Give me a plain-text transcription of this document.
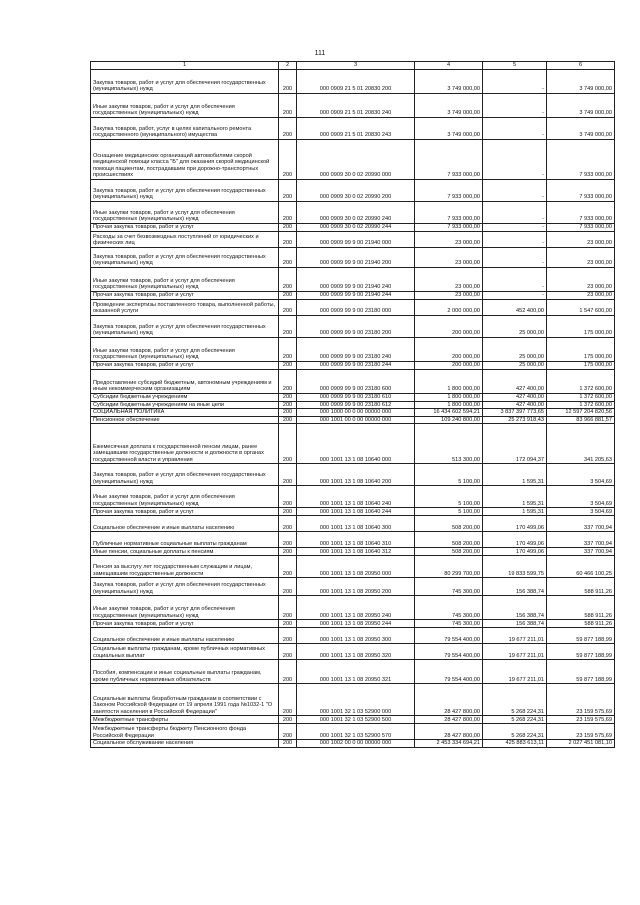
111
1	2	3	4	5	6
Закупка товаров, работ и услуг для обеспечения государственных (муниципальных) нужд	200	000 0909 21 5 01 20830 200	3 749 000,00	-	3 749 000,00
Иные закупки товаров, работ и услуг для обеспечения государственных (муниципальных) нужд	200	000 0909 21 5 01 20830 240	3 749 000,00	-	3 749 000,00
Закупка товаров, работ, услуг в целях капитального ремонта государственного (муниципального) имущества	200	000 0909 21 5 01 20830 243	3 749 000,00	-	3 749 000,00
Оснащение медицинских организаций автомобилями скорой медицинской помощи класса "Б" для оказания скорой медицинской помощи пациентам, пострадавшим при дорожно-транспортных происшествиях	200	000 0909 30 0 02 20990 000	7 933 000,00	-	7 933 000,00
Закупка товаров, работ и услуг для обеспечения государственных (муниципальных) нужд	200	000 0909 30 0 02 20990 200	7 933 000,00	-	7 933 000,00
Иные закупки товаров, работ и услуг для обеспечения государственных (муниципальных) нужд	200	000 0909 30 0 02 20990 240	7 933 000,00	-	7 933 000,00
Прочая закупка товаров, работ и услуг	200	000 0909 30 0 02 20990 244	7 933 000,00	-	7 933 000,00
Расходы за счет безвозмездных поступлений от юридических и физических лиц	200	000 0909 99 9 00 21940 000	23 000,00	-	23 000,00
Закупка товаров, работ и услуг для обеспечения государственных (муниципальных) нужд	200	000 0909 99 9 00 21940 200	23 000,00	-	23 000,00
Иные закупки товаров, работ и услуг для обеспечения государственных (муниципальных) нужд	200	000 0909 99 9 00 21940 240	23 000,00	-	23 000,00
Прочая закупка товаров, работ и услуг	200	000 0909 99 9 00 21940 244	23 000,00	-	23 000,00
Проведение экспертизы поставленного товара, выполненной работы, оказанной услуги	200	000 0909 99 9 00 23180 000	2 000 000,00	452 400,00	1 547 600,00
Закупка товаров, работ и услуг для обеспечения государственных (муниципальных) нужд	200	000 0909 99 9 00 23180 200	200 000,00	25 000,00	175 000,00
Иные закупки товаров, работ и услуг для обеспечения государственных (муниципальных) нужд	200	000 0909 99 9 00 23180 240	200 000,00	25 000,00	175 000,00
Прочая закупка товаров, работ и услуг	200	000 0909 99 9 00 23180 244	200 000,00	25 000,00	175 000,00
Предоставление субсидий бюджетным, автономным учреждениям и иным некоммерческим организациям	200	000 0909 99 9 00 23180 600	1 800 000,00	427 400,00	1 372 600,00
Субсидии бюджетным учреждениям	200	000 0909 99 9 00 23180 610	1 800 000,00	427 400,00	1 372 600,00
Субсидии бюджетным учреждениям на иные цели	200	000 0909 99 9 00 23180 612	1 800 000,00	427 400,00	1 372 600,00
СОЦИАЛЬНАЯ ПОЛИТИКА	200	000 1000 00 0 00 00000 000	16 434 602 594,21	3 837 397 773,65	12 597 204 820,56
Пенсионное обеспечение	200	000 1001 00 0 00 00000 000	109 240 800,00	25 273 918,43	83 966 881,57
Ежемесячная доплата к государственной пенсии лицам, ранее замещавшим государственные должности и должности в органах государственной власти и управления	200	000 1001 13 1 08 10640 000	513 300,00	172 094,37	341 205,63
Закупка товаров, работ и услуг для обеспечения государственных (муниципальных) нужд	200	000 1001 13 1 08 10640 200	5 100,00	1 595,31	3 504,69
Иные закупки товаров, работ и услуг для обеспечения государственных (муниципальных) нужд	200	000 1001 13 1 08 10640 240	5 100,00	1 595,31	3 504,69
Прочая закупка товаров, работ и услуг	200	000 1001 13 1 08 10640 244	5 100,00	1 595,31	3 504,69
Социальное обеспечение и иные выплаты населению	200	000 1001 13 1 08 10640 300	508 200,00	170 499,06	337 700,94
Публичные нормативные социальные выплаты гражданам	200	000 1001 13 1 08 10640 310	508 200,00	170 499,06	337 700,94
Иные пенсии, социальные доплаты к пенсиям	200	000 1001 13 1 08 10640 312	508 200,00	170 499,06	337 700,94
Пенсия за выслугу лет государственным служащим и лицам, замещавшим государственные должности	200	000 1001 13 1 08 20950 000	80 299 700,00	19 833 599,75	60 466 100,25
Закупка товаров, работ и услуг для обеспечения государственных (муниципальных) нужд	200	000 1001 13 1 08 20950 200	745 300,00	156 388,74	588 911,26
Иные закупки товаров, работ и услуг для обеспечения государственных (муниципальных) нужд	200	000 1001 13 1 08 20950 240	745 300,00	156 388,74	588 911,26
Прочая закупка товаров, работ и услуг	200	000 1001 13 1 08 20950 244	745 300,00	156 388,74	588 911,26
Социальное обеспечение и иные выплаты населению	200	000 1001 13 1 08 20950 300	79 554 400,00	19 677 211,01	59 877 188,99
Социальные выплаты гражданам, кроме публичных нормативных социальных выплат	200	000 1001 13 1 08 20950 320	79 554 400,00	19 677 211,01	59 877 188,99
Пособия, компенсации и иные социальные выплаты гражданам, кроме публичных нормативных обязательств	200	000 1001 13 1 08 20950 321	79 554 400,00	19 677 211,01	59 877 188,99
Социальные выплаты безработным гражданам в соответствии с Законом Российской Федерации от 19 апреля 1991 года №1032-1 "О занятости населения в Российской Федерации"	200	000 1001 32 1 03 52900 000	28 427 800,00	5 268 224,31	23 159 575,69
Межбюджетные трансферты	200	000 1001 32 1 03 52900 500	28 427 800,00	5 268 224,31	23 159 575,69
Межбюджетные трансферты бюджету Пенсионного фонда Российской Федерации	200	000 1001 32 1 03 52900 570	28 427 800,00	5 268 224,31	23 159 575,69
Социальное обслуживание населения	200	000 1002 00 0 00 00000 000	2 453 334 694,21	425 883 613,11	2 027 451 081,10
